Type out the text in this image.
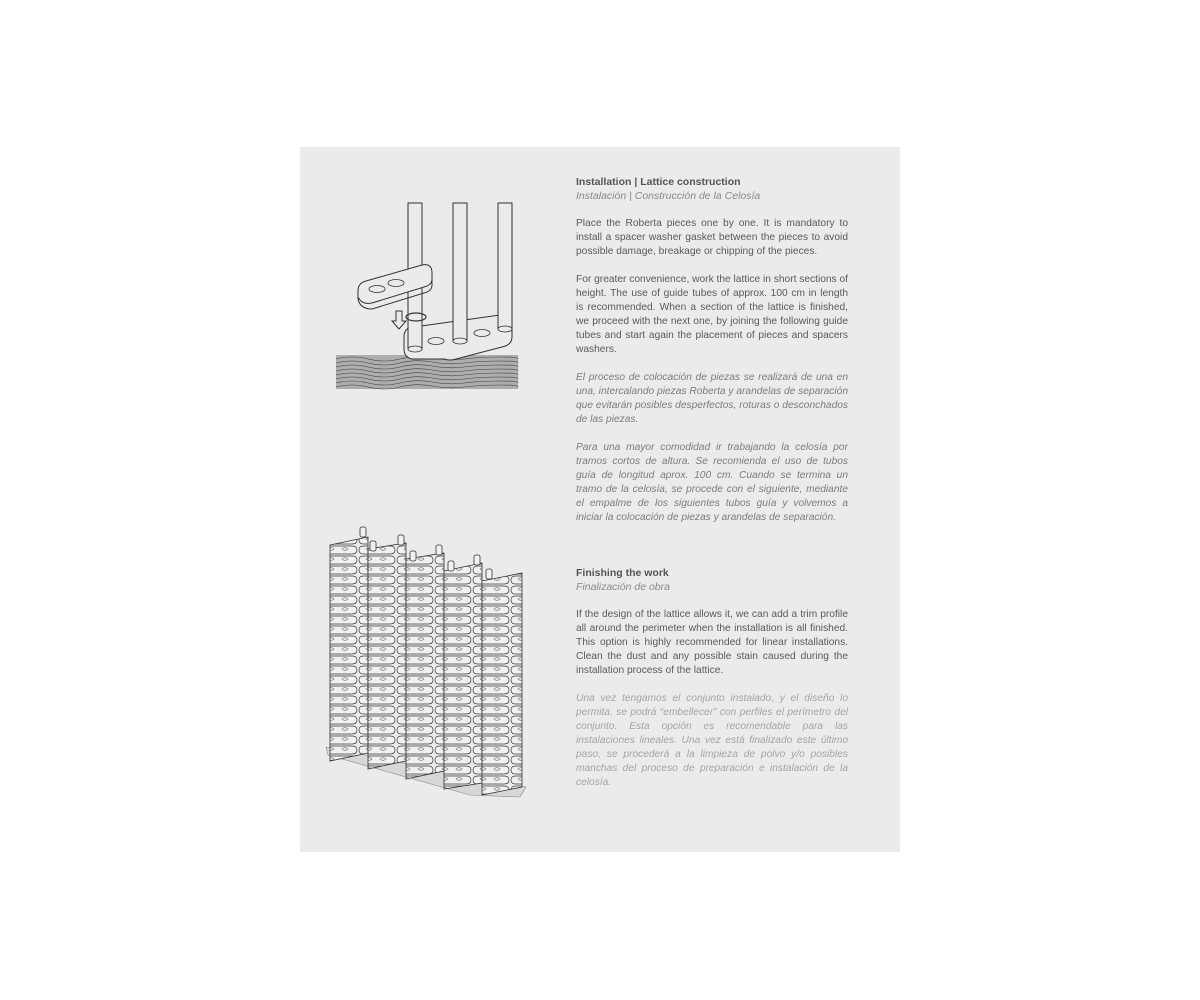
Installation | Lattice construction

Instalación | Construcción de la Celosía

Place the Roberta pieces one by one. It is mandatory to install a spacer washer gasket between the pieces to avoid possible damage, breakage or chipping of the pieces.

For greater convenience, work the lattice in short sections of height. The use of guide tubes of approx. 100 cm in length is recommended. When a section of the lattice is finished, we proceed with the next one, by joining the following guide tubes and start again the placement of pieces and spacers washers.

El proceso de colocación de piezas se realizará de una en una, intercalando piezas Roberta y arandelas de separación que evitarán posibles desperfectos, roturas o desconchados de las piezas.

Para una mayor comodidad ir trabajando la celosía por tramos cortos de altura. Se recomienda el uso de tubos guía de longitud aprox. 100 cm. Cuando se termina un tramo de la celosía, se procede con el siguiente, mediante el empalme de los siguientes tubos guía y volvemos a iniciar la colocación de piezas y arandelas de separación.

Finishing the work

Finalización de obra

If the design of the lattice allows it, we can add a trim profile all around the perimeter when the installation is all finished. This option is highly recommended for linear installations. Clean the dust and any possible stain caused during the installation process of the lattice.

Una vez tengamos el conjunto instalado, y el diseño lo permita, se podrá “embellecer” con perfiles el perímetro del conjunto. Esta opción es recomendable para las instalaciones lineales. Una vez está finalizado este último paso, se procederá a la limpieza de polvo y/o posibles manchas del proceso de preparación e instalación de la celosía.
